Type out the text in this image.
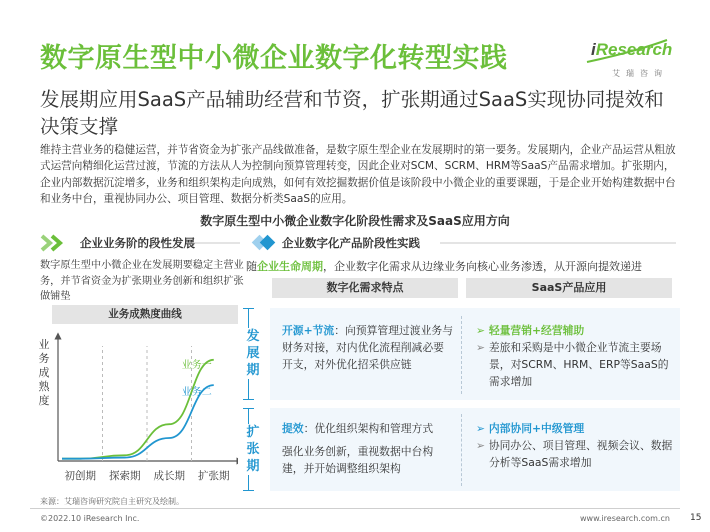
数字原生型中小微企业数字化转型实践	iResearch
艾瑞咨询
发展期应用SaaS产品辅助经营和节资，扩张期通过SaaS实现协同提效和决策支撑
维持主营业务的稳健运营，并节省资金为扩张产品线做准备，是数字原生型企业在发展期时的第一要务。发展期内，企业产品运营从粗放式运营向精细化运营过渡，节流的方法从人为控制向预算管理转变，因此企业对SCM、SCRM、HRM等SaaS产品需求增加。扩张期内，企业内部数据沉淀增多，业务和组织架构走向成熟，如何有效挖掘数据价值是该阶段中小微企业的重要课题，于是企业开始构建数据中台和业务中台，重视协同办公、项目管理、数据分析类SaaS的应用。
数字原生型中小微企业数字化阶段性需求及SaaS应用方向
企业业务阶的段性发展
数字原生型中小微企业在发展期要稳定主营业务，并节省资金为扩张期业务创新和组织扩张做铺垫
业务成熟度曲线
业
务
成
熟
度
业务一
业务二
初创期 探索期 成长期 扩张期
企业数字化产品阶段性实践
随企业生命周期，企业数字化需求从边缘业务向核心业务渗透，从开源向提效递进
数字化需求特点	SaaS产品应用
发
展
期
扩
张
期
开源+节流：向预算管理过渡业务与财务对接，对内优化流程削减必要开支，对外优化招采供应链
➢ 轻量营销+经营辅助
➢ 差旅和采购是中小微企业节流主要场景，对SCRM、HRM、ERP等SaaS的需求增加
提效：优化组织架构和管理方式
强化业务创新，重视数据中台构建，并开始调整组织架构
➢ 内部协同+中级管理
➢ 协同办公、项目管理、视频会议、数据分析等SaaS需求增加
来源：艾瑞咨询研究院自主研究及绘制。
©2022.10 iResearch Inc.	www.iresearch.com.cn 15
